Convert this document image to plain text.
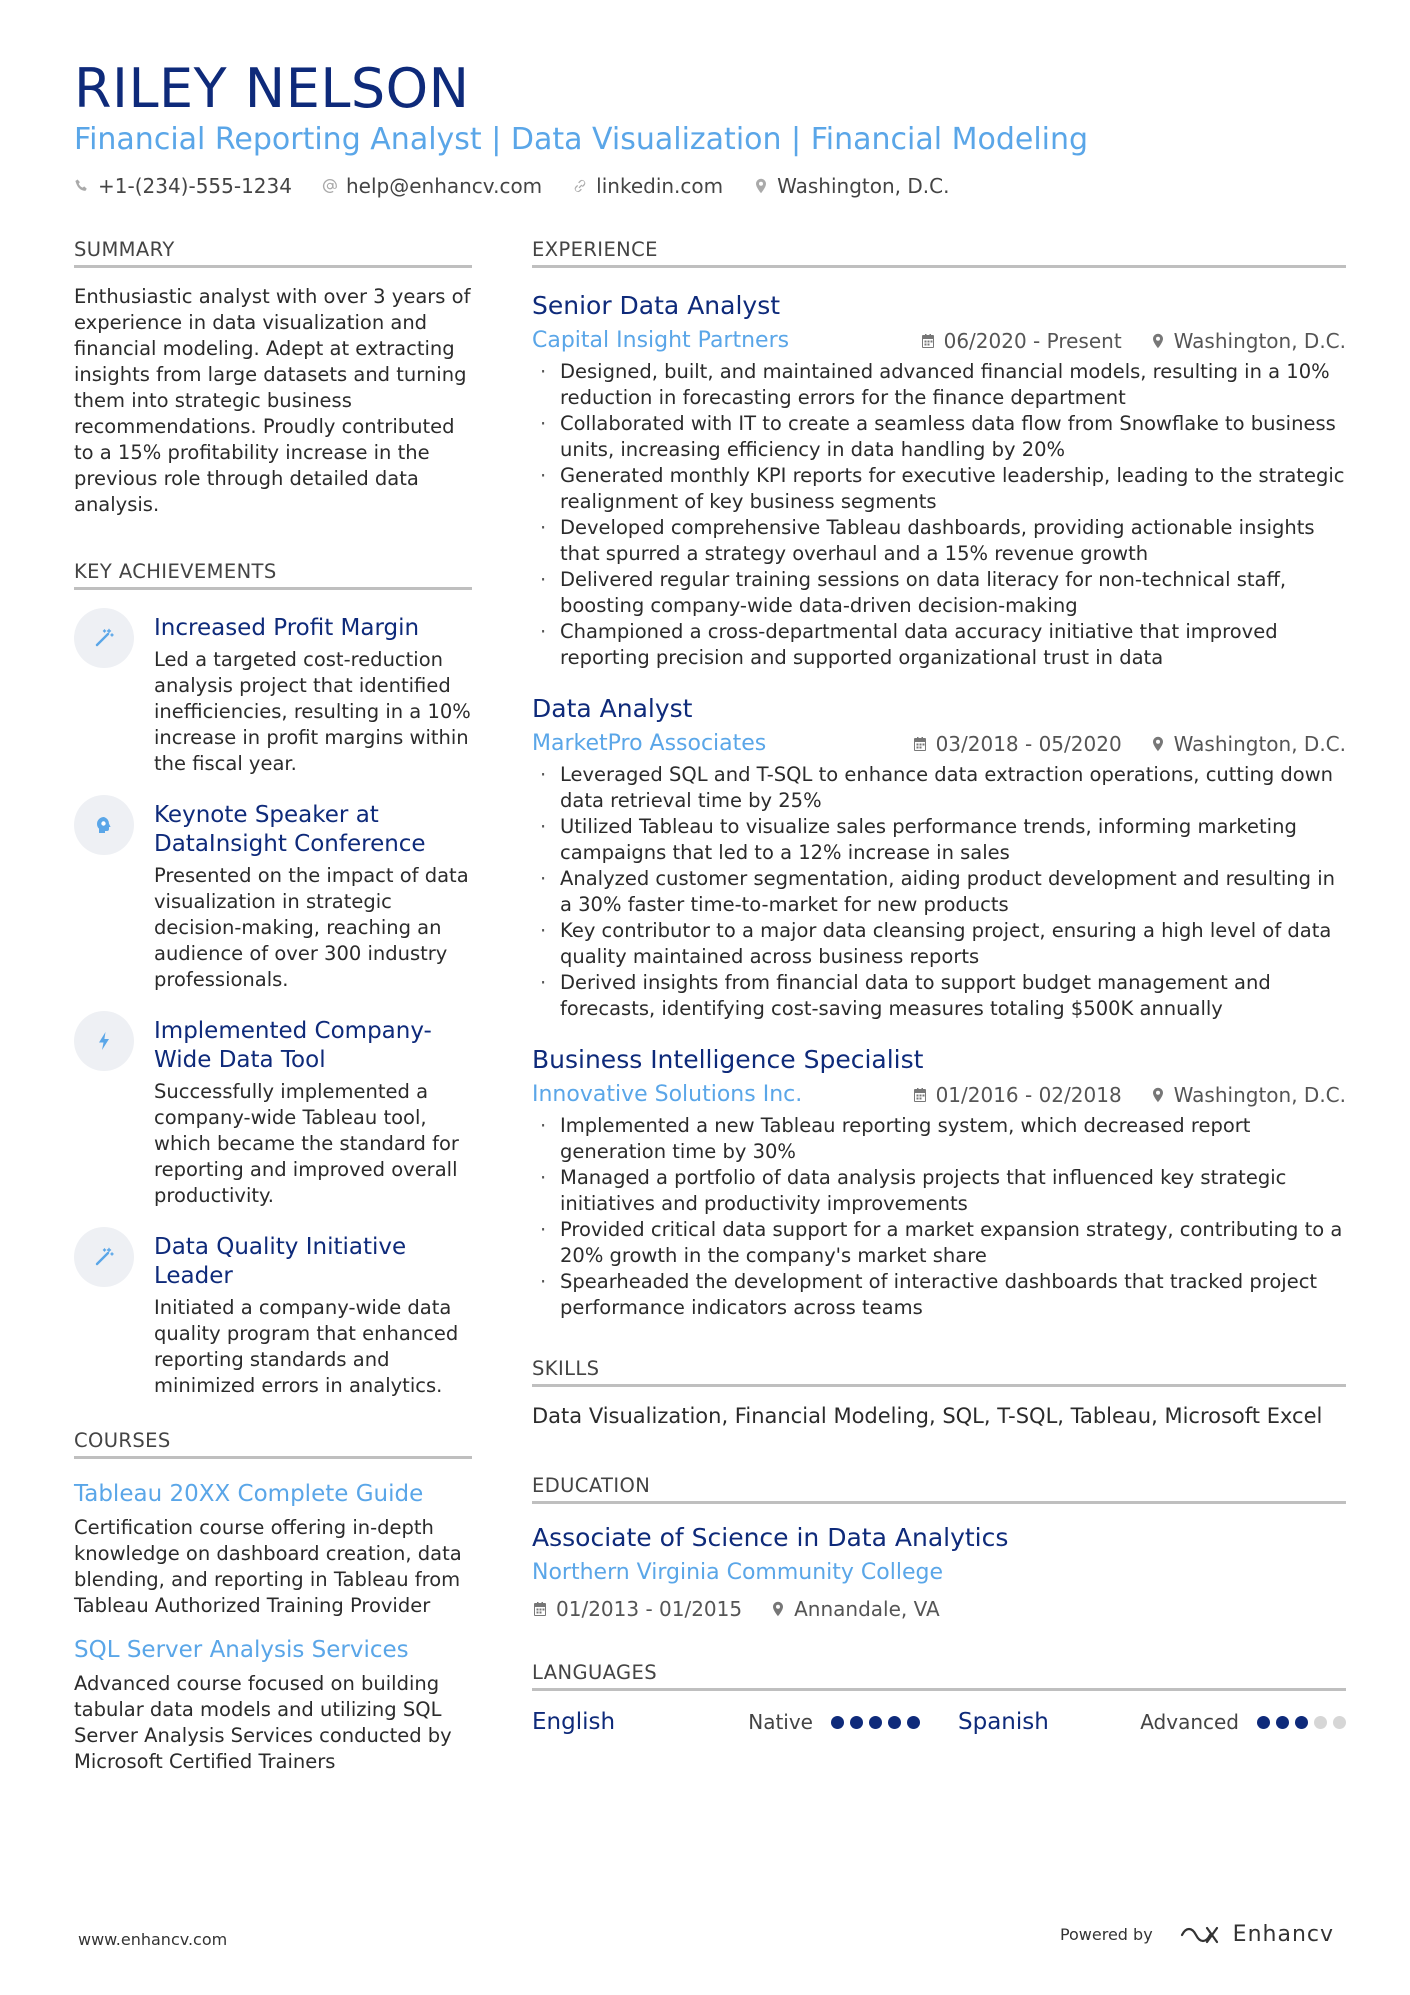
RILEY NELSON
Financial Reporting Analyst | Data Visualization | Financial Modeling
+1-(234)-555-1234	help@enhancv.com	linkedin.com	Washington, D.C.
SUMMARY
Enthusiastic analyst with over 3 years of experience in data visualization and financial modeling. Adept at extracting insights from large datasets and turning them into strategic business recommendations. Proudly contributed to a 15% profitability increase in the previous role through detailed data analysis.
KEY ACHIEVEMENTS
Increased Profit Margin
Led a targeted cost-reduction analysis project that identified inefficiencies, resulting in a 10% increase in profit margins within the fiscal year.
Keynote Speaker at DataInsight Conference
Presented on the impact of data visualization in strategic decision-making, reaching an audience of over 300 industry professionals.
Implemented Company-Wide Data Tool
Successfully implemented a company-wide Tableau tool, which became the standard for reporting and improved overall productivity.
Data Quality Initiative Leader
Initiated a company-wide data quality program that enhanced reporting standards and minimized errors in analytics.
COURSES
Tableau 20XX Complete Guide
Certification course offering in-depth knowledge on dashboard creation, data blending, and reporting in Tableau from Tableau Authorized Training Provider
SQL Server Analysis Services
Advanced course focused on building tabular data models and utilizing SQL Server Analysis Services conducted by Microsoft Certified Trainers
EXPERIENCE
Senior Data Analyst
Capital Insight Partners	06/2020 - Present	Washington, D.C.
· Designed, built, and maintained advanced financial models, resulting in a 10% reduction in forecasting errors for the finance department
· Collaborated with IT to create a seamless data flow from Snowflake to business units, increasing efficiency in data handling by 20%
· Generated monthly KPI reports for executive leadership, leading to the strategic realignment of key business segments
· Developed comprehensive Tableau dashboards, providing actionable insights that spurred a strategy overhaul and a 15% revenue growth
· Delivered regular training sessions on data literacy for non-technical staff, boosting company-wide data-driven decision-making
· Championed a cross-departmental data accuracy initiative that improved reporting precision and supported organizational trust in data
Data Analyst
MarketPro Associates	03/2018 - 05/2020	Washington, D.C.
· Leveraged SQL and T-SQL to enhance data extraction operations, cutting down data retrieval time by 25%
· Utilized Tableau to visualize sales performance trends, informing marketing campaigns that led to a 12% increase in sales
· Analyzed customer segmentation, aiding product development and resulting in a 30% faster time-to-market for new products
· Key contributor to a major data cleansing project, ensuring a high level of data quality maintained across business reports
· Derived insights from financial data to support budget management and forecasts, identifying cost-saving measures totaling $500K annually
Business Intelligence Specialist
Innovative Solutions Inc.	01/2016 - 02/2018	Washington, D.C.
· Implemented a new Tableau reporting system, which decreased report generation time by 30%
· Managed a portfolio of data analysis projects that influenced key strategic initiatives and productivity improvements
· Provided critical data support for a market expansion strategy, contributing to a 20% growth in the company's market share
· Spearheaded the development of interactive dashboards that tracked project performance indicators across teams
SKILLS
Data Visualization, Financial Modeling, SQL, T-SQL, Tableau, Microsoft Excel
EDUCATION
Associate of Science in Data Analytics
Northern Virginia Community College
01/2013 - 01/2015	Annandale, VA
LANGUAGES
English	Native	Spanish	Advanced
www.enhancv.com	Powered by	Enhancv
